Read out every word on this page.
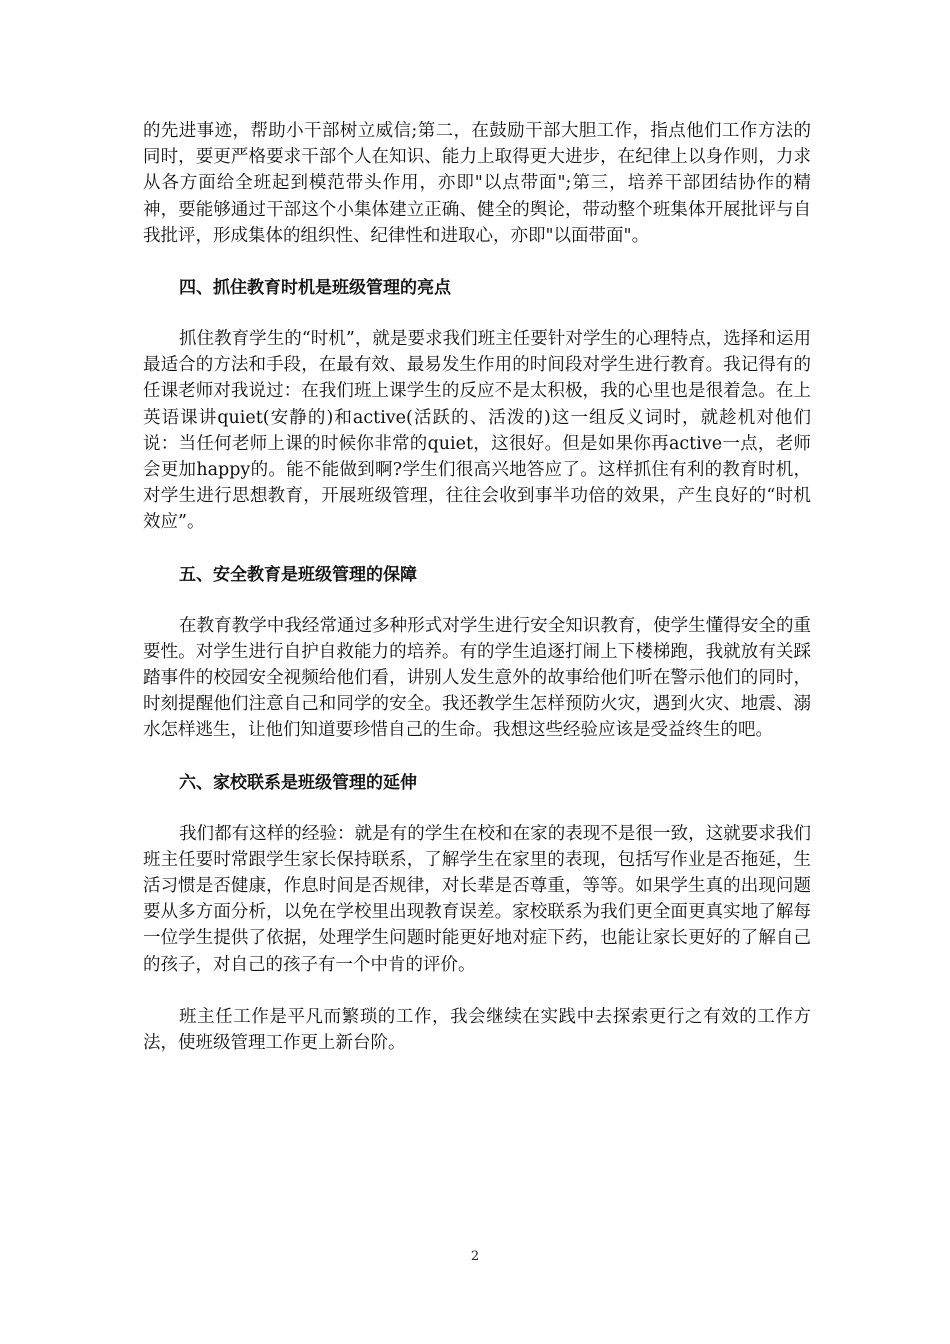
的先进事迹，帮助小干部树立威信;第二，在鼓励干部大胆工作，指点他们工作方法的同时，要更严格要求干部个人在知识、能力上取得更大进步，在纪律上以身作则，力求从各方面给全班起到模范带头作用，亦即"以点带面";第三，培养干部团结协作的精神，要能够通过干部这个小集体建立正确、健全的舆论，带动整个班集体开展批评与自我批评，形成集体的组织性、纪律性和进取心，亦即"以面带面"。

四、抓住教育时机是班级管理的亮点

抓住教育学生的“时机”，就是要求我们班主任要针对学生的心理特点，选择和运用最适合的方法和手段，在最有效、最易发生作用的时间段对学生进行教育。我记得有的任课老师对我说过：在我们班上课学生的反应不是太积极，我的心里也是很着急。在上英语课讲quiet(安静的)和active(活跃的、活泼的)这一组反义词时，就趁机对他们说：当任何老师上课的时候你非常的quiet，这很好。但是如果你再active一点，老师会更加happy的。能不能做到啊?学生们很高兴地答应了。这样抓住有利的教育时机，对学生进行思想教育，开展班级管理，往往会收到事半功倍的效果，产生良好的“时机效应”。

五、安全教育是班级管理的保障

在教育教学中我经常通过多种形式对学生进行安全知识教育，使学生懂得安全的重要性。对学生进行自护自救能力的培养。有的学生追逐打闹上下楼梯跑，我就放有关踩踏事件的校园安全视频给他们看，讲别人发生意外的故事给他们听在警示他们的同时，时刻提醒他们注意自己和同学的安全。我还教学生怎样预防火灾，遇到火灾、地震、溺水怎样逃生，让他们知道要珍惜自己的生命。我想这些经验应该是受益终生的吧。

六、家校联系是班级管理的延伸

我们都有这样的经验：就是有的学生在校和在家的表现不是很一致，这就要求我们班主任要时常跟学生家长保持联系，了解学生在家里的表现，包括写作业是否拖延，生活习惯是否健康，作息时间是否规律，对长辈是否尊重，等等。如果学生真的出现问题要从多方面分析，以免在学校里出现教育误差。家校联系为我们更全面更真实地了解每一位学生提供了依据，处理学生问题时能更好地对症下药，也能让家长更好的了解自己的孩子，对自己的孩子有一个中肯的评价。

班主任工作是平凡而繁琐的工作，我会继续在实践中去探索更行之有效的工作方法，使班级管理工作更上新台阶。

2
